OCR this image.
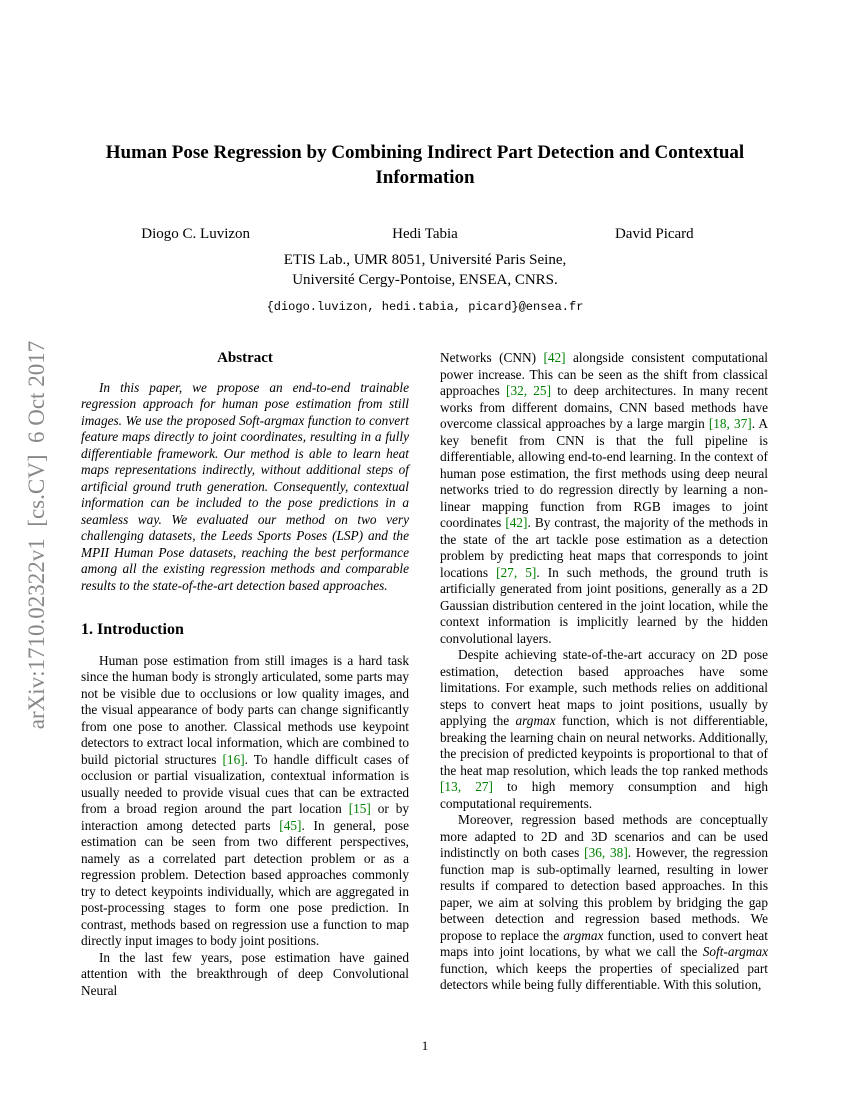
arXiv:1710.02322v1  [cs.CV]  6 Oct 2017
Human Pose Regression by Combining Indirect Part Detection and Contextual
Information
Diogo C. Luvizon	Hedi Tabia	David Picard
ETIS Lab., UMR 8051, Université Paris Seine,
Université Cergy-Pontoise, ENSEA, CNRS.
{diogo.luvizon, hedi.tabia, picard}@ensea.fr
Abstract

In this paper, we propose an end-to-end trainable regression approach for human pose estimation from still images. We use the proposed Soft-argmax function to convert feature maps directly to joint coordinates, resulting in a fully differentiable framework. Our method is able to learn heat maps representations indirectly, without additional steps of artificial ground truth generation. Consequently, contextual information can be included to the pose predictions in a seamless way. We evaluated our method on two very challenging datasets, the Leeds Sports Poses (LSP) and the MPII Human Pose datasets, reaching the best performance among all the existing regression methods and comparable results to the state-of-the-art detection based approaches.

1. Introduction

Human pose estimation from still images is a hard task since the human body is strongly articulated, some parts may not be visible due to occlusions or low quality images, and the visual appearance of body parts can change significantly from one pose to another. Classical methods use keypoint detectors to extract local information, which are combined to build pictorial structures [16]. To handle difficult cases of occlusion or partial visualization, contextual information is usually needed to provide visual cues that can be extracted from a broad region around the part location [15] or by interaction among detected parts [45]. In general, pose estimation can be seen from two different perspectives, namely as a correlated part detection problem or as a regression problem. Detection based approaches commonly try to detect keypoints individually, which are aggregated in post-processing stages to form one pose prediction. In contrast, methods based on regression use a function to map directly input images to body joint positions.

In the last few years, pose estimation have gained attention with the breakthrough of deep Convolutional Neural

Networks (CNN) [42] alongside consistent computational power increase. This can be seen as the shift from classical approaches [32, 25] to deep architectures. In many recent works from different domains, CNN based methods have overcome classical approaches by a large margin [18, 37]. A key benefit from CNN is that the full pipeline is differentiable, allowing end-to-end learning. In the context of human pose estimation, the first methods using deep neural networks tried to do regression directly by learning a non-linear mapping function from RGB images to joint coordinates [42]. By contrast, the majority of the methods in the state of the art tackle pose estimation as a detection problem by predicting heat maps that corresponds to joint locations [27, 5]. In such methods, the ground truth is artificially generated from joint positions, generally as a 2D Gaussian distribution centered in the joint location, while the context information is implicitly learned by the hidden convolutional layers.

Despite achieving state-of-the-art accuracy on 2D pose estimation, detection based approaches have some limitations. For example, such methods relies on additional steps to convert heat maps to joint positions, usually by applying the argmax function, which is not differentiable, breaking the learning chain on neural networks. Additionally, the precision of predicted keypoints is proportional to that of the heat map resolution, which leads the top ranked methods [13, 27] to high memory consumption and high computational requirements.

Moreover, regression based methods are conceptually more adapted to 2D and 3D scenarios and can be used indistinctly on both cases [36, 38]. However, the regression function map is sub-optimally learned, resulting in lower results if compared to detection based approaches. In this paper, we aim at solving this problem by bridging the gap between detection and regression based methods. We propose to replace the argmax function, used to convert heat maps into joint locations, by what we call the Soft-argmax function, which keeps the properties of specialized part detectors while being fully differentiable. With this solution,

1
